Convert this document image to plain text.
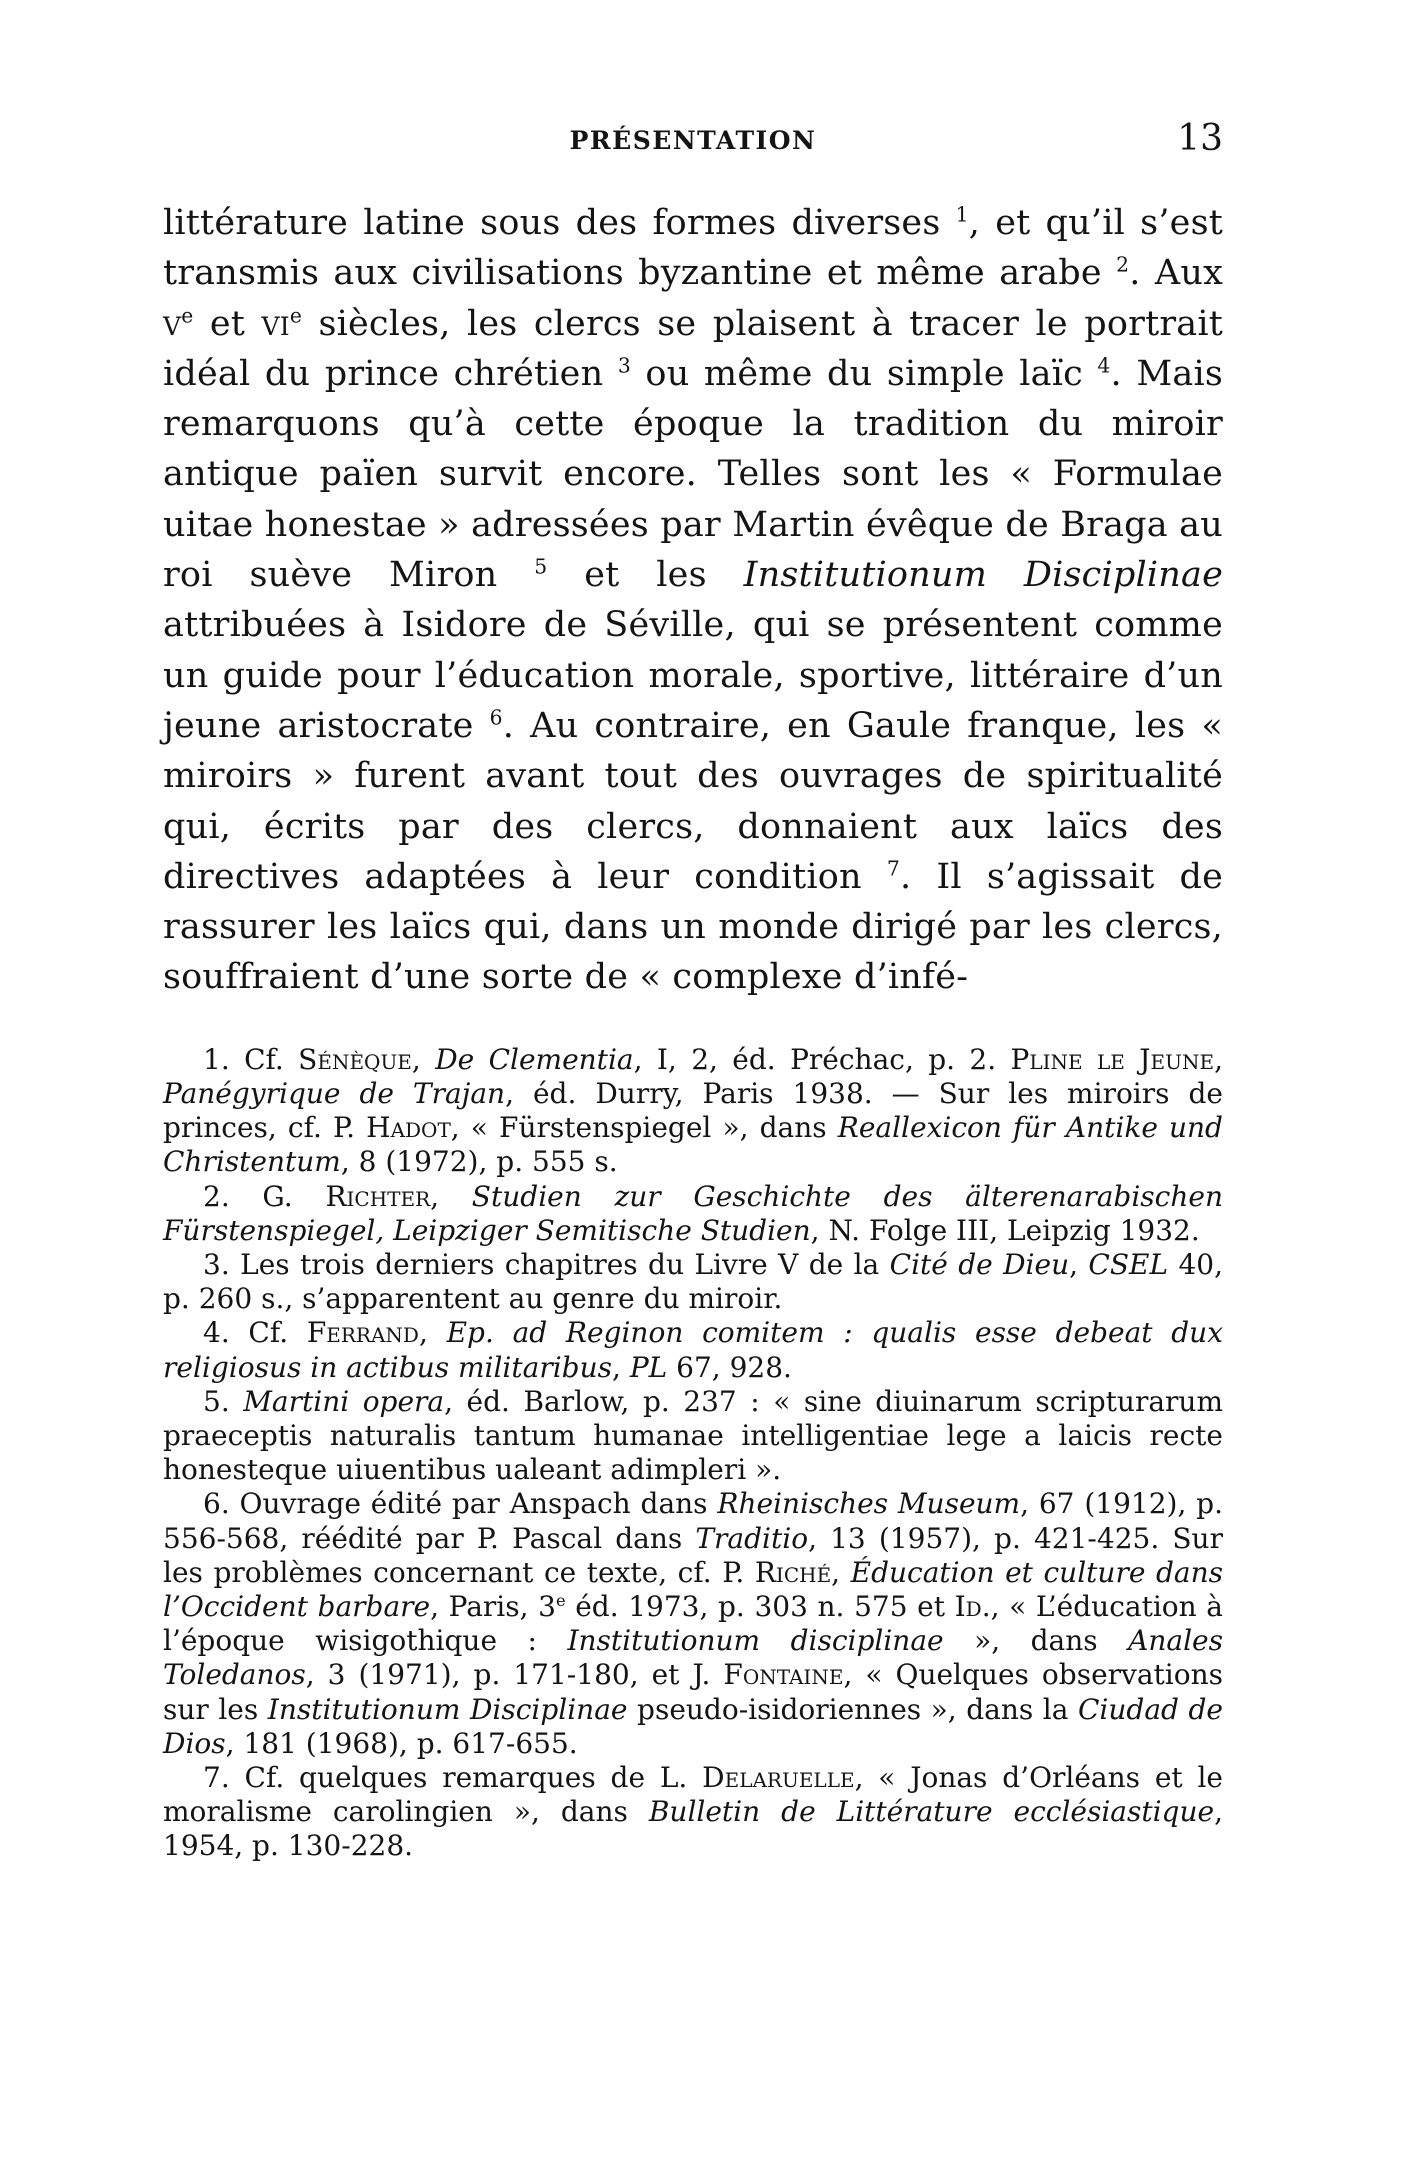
PRÉSENTATION	13

littérature latine sous des formes diverses $^1$, et qu’il s’est transmis aux civilisations byzantine et même arabe $^2$. Aux $v^e$ et $vi^e$ siècles, les clercs se plaisent à tracer le portrait idéal du prince chrétien $^3$ ou même du simple laïc $^4$. Mais remarquons qu’à cette époque la tradition du miroir antique païen survit encore. Telles sont les « Formulae uitae honestae » adressées par Martin évêque de Braga au roi suève Miron $^5$ et les Institutionum Disciplinae attribuées à Isidore de Séville, qui se présentent comme un guide pour l’éducation morale, sportive, littéraire d’un jeune aristocrate $^6$. Au contraire, en Gaule franque, les « miroirs » furent avant tout des ouvrages de spiritualité qui, écrits par des clercs, donnaient aux laïcs des directives adaptées à leur condition $^7$. Il s’agissait de rassurer les laïcs qui, dans un monde dirigé par les clercs, souffraient d’une sorte de « complexe d’infé-

1. Cf. Sénèque, De Clementia, I, 2, éd. Préchac, p. 2. Pline le Jeune, Panégyrique de Trajan, éd. Durry, Paris 1938. — Sur les miroirs de princes, cf. P. Hadot, « Fürstenspiegel », dans Reallexicon für Antike und Christentum, 8 (1972), p. 555 s.

2. G. Richter, Studien zur Geschichte des älterenarabischen Fürstenspiegel, Leipziger Semitische Studien, N. Folge III, Leipzig 1932.

3. Les trois derniers chapitres du Livre V de la Cité de Dieu, CSEL 40, p. 260 s., s’apparentent au genre du miroir.

4. Cf. Ferrand, Ep. ad Reginon comitem : qualis esse debeat dux religiosus in actibus militaribus, PL 67, 928.

5. Martini opera, éd. Barlow, p. 237 : « sine diuinarum scripturarum praeceptis naturalis tantum humanae intelligentiae lege a laicis recte honesteque uiuentibus ualeant adimpleri ».

6. Ouvrage édité par Anspach dans Rheinisches Museum, 67 (1912), p. 556-568, réédité par P. Pascal dans Traditio, 13 (1957), p. 421-425. Sur les problèmes concernant ce texte, cf. P. Riché, Éducation et culture dans l’Occident barbare, Paris, 3e éd. 1973, p. 303 n. 575 et Id., « L’éducation à l’époque wisigothique : Institutionum disciplinae », dans Anales Toledanos, 3 (1971), p. 171-180, et J. Fontaine, « Quelques observations sur les Institutionum Disciplinae pseudo-isidoriennes », dans la Ciudad de Dios, 181 (1968), p. 617-655.

7. Cf. quelques remarques de L. Delaruelle, « Jonas d’Orléans et le moralisme carolingien », dans Bulletin de Littérature ecclésiastique, 1954, p. 130-228.
